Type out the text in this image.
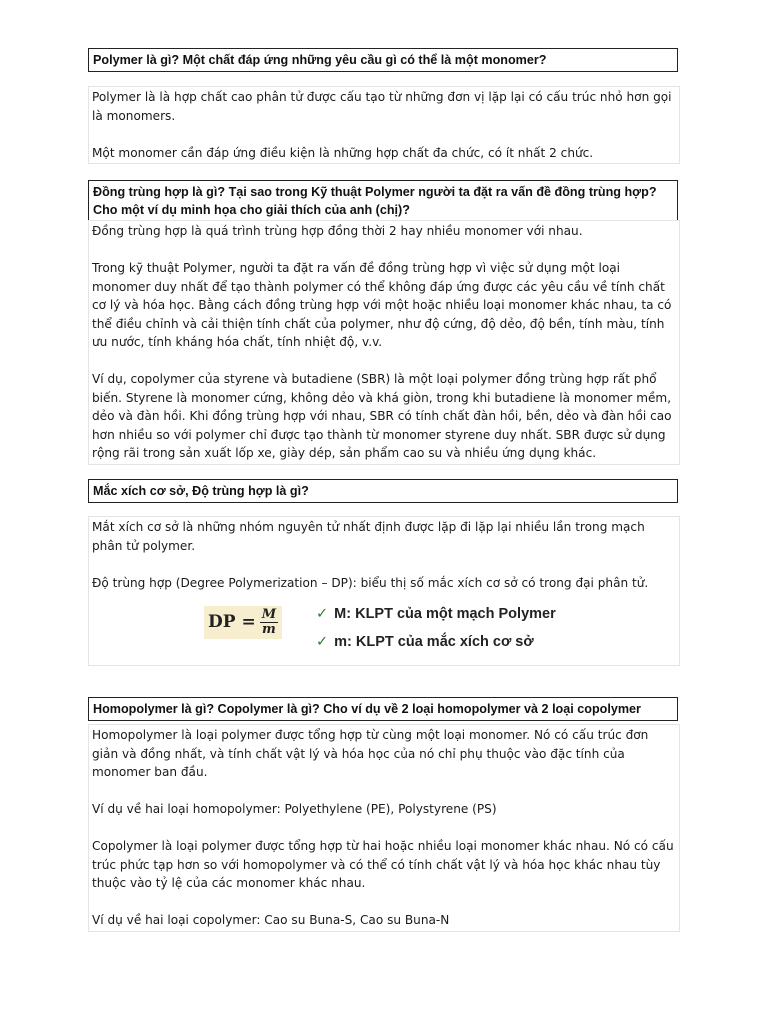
Polymer là gì? Một chất đáp ứng những yêu cầu gì có thể là một monomer?

Polymer là là hợp chất cao phân tử được cấu tạo từ những đơn vị lặp lại có cấu trúc nhỏ hơn gọi là monomers.

Một monomer cần đáp ứng điều kiện là những hợp chất đa chức, có ít nhất 2 chức.

Đồng trùng hợp là gì? Tại sao trong Kỹ thuật Polymer người ta đặt ra vấn đề đồng trùng hợp? Cho một ví dụ minh họa cho giải thích của anh (chị)?

Đồng trùng hợp là quá trình trùng hợp đồng thời 2 hay nhiều monomer với nhau.

Trong kỹ thuật Polymer, người ta đặt ra vấn đề đồng trùng hợp vì việc sử dụng một loại monomer duy nhất để tạo thành polymer có thể không đáp ứng được các yêu cầu về tính chất cơ lý và hóa học. Bằng cách đồng trùng hợp với một hoặc nhiều loại monomer khác nhau, ta có thể điều chỉnh và cải thiện tính chất của polymer, như độ cứng, độ dẻo, độ bền, tính màu, tính ưu nước, tính kháng hóa chất, tính nhiệt độ, v.v.

Ví dụ, copolymer của styrene và butadiene (SBR) là một loại polymer đồng trùng hợp rất phổ biến. Styrene là monomer cứng, không dẻo và khá giòn, trong khi butadiene là monomer mềm, dẻo và đàn hồi. Khi đồng trùng hợp với nhau, SBR có tính chất đàn hồi, bền, dẻo và đàn hồi cao hơn nhiều so với polymer chỉ được tạo thành từ monomer styrene duy nhất. SBR được sử dụng rộng rãi trong sản xuất lốp xe, giày dép, sản phẩm cao su và nhiều ứng dụng khác.

Mắc xích cơ sở, Độ trùng hợp là gì?

Mắt xích cơ sở là những nhóm nguyên tử nhất định được lặp đi lặp lại nhiều lần trong mạch phân tử polymer.

Độ trùng hợp (Degree Polymerization – DP): biểu thị số mắc xích cơ sở có trong đại phân tử.

DP = $\frac{M}{m}$	✓ M: KLPT của một mạch Polymer
✓ m: KLPT của mắc xích cơ sở
Homopolymer là gì? Copolymer là gì? Cho ví dụ về 2 loại homopolymer và 2 loại copolymer

Homopolymer là loại polymer được tổng hợp từ cùng một loại monomer. Nó có cấu trúc đơn giản và đồng nhất, và tính chất vật lý và hóa học của nó chỉ phụ thuộc vào đặc tính của monomer ban đầu.

Ví dụ về hai loại homopolymer: Polyethylene (PE), Polystyrene (PS)

Copolymer là loại polymer được tổng hợp từ hai hoặc nhiều loại monomer khác nhau. Nó có cấu trúc phức tạp hơn so với homopolymer và có thể có tính chất vật lý và hóa học khác nhau tùy thuộc vào tỷ lệ của các monomer khác nhau.

Ví dụ về hai loại copolymer: Cao su Buna-S, Cao su Buna-N
